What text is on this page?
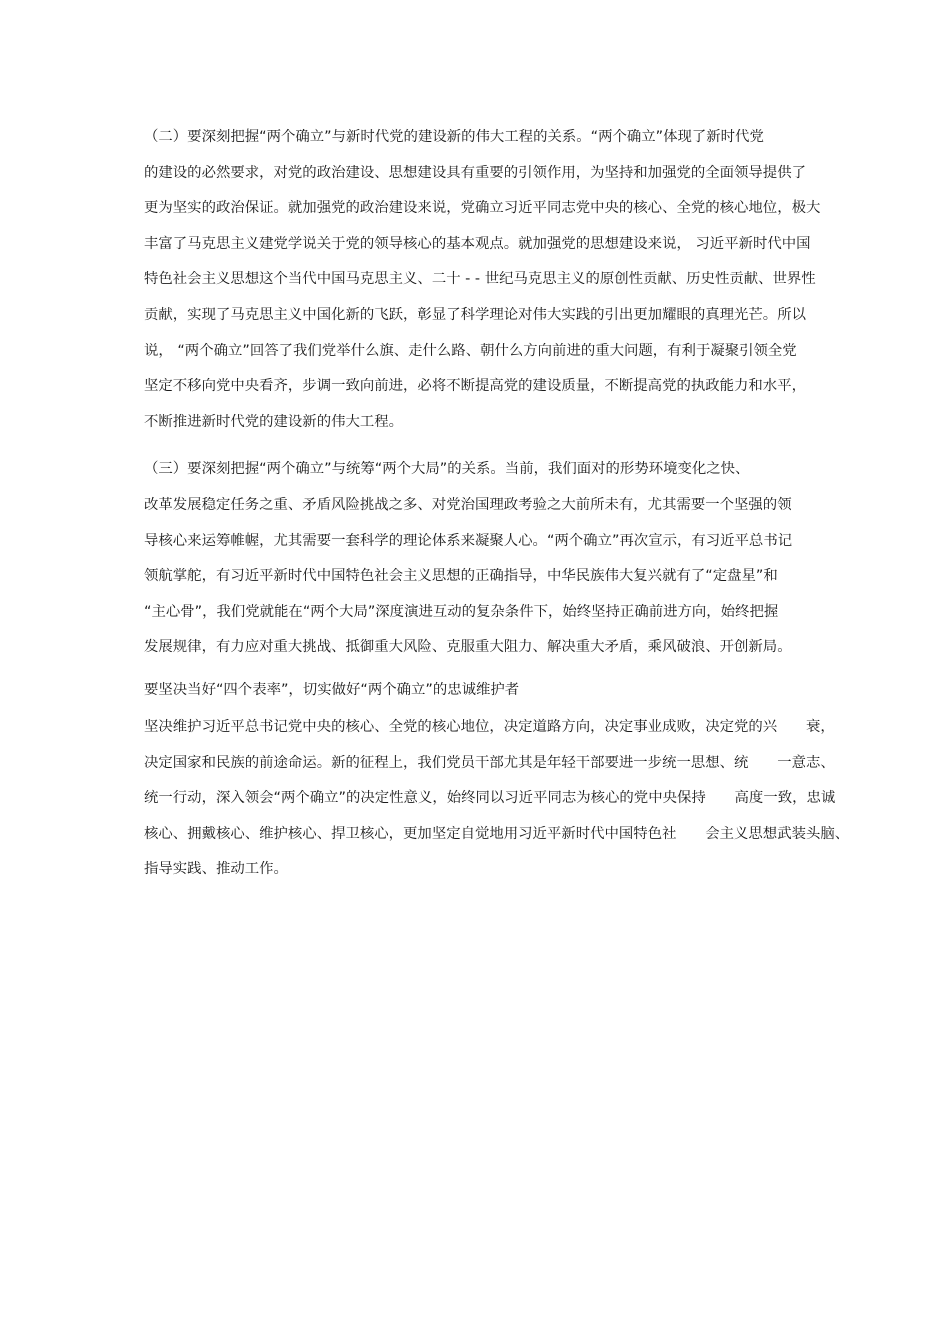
（二）要深刻把握“两个确立”与新时代党的建设新的伟大工程的关系。“两个确立”体现了新时代党
的建设的必然要求，对党的政治建设、思想建设具有重要的引领作用，为坚持和加强党的全面领导提供了
更为坚实的政治保证。就加强党的政治建设来说，党确立习近平同志党中央的核心、全党的核心地位，极大
丰富了马克思主义建党学说关于党的领导核心的基本观点。就加强党的思想建设来说， 习近平新时代中国
特色社会主义思想这个当代中国马克思主义、二十 - - 世纪马克思主义的原创性贡献、历史性贡献、世界性
贡献，实现了马克思主义中国化新的飞跃，彰显了科学理论对伟大实践的引出更加耀眼的真理光芒。所以
说， “两个确立”回答了我们党举什么旗、走什么路、朝什么方向前进的重大问题，有利于凝聚引领全党
坚定不移向党中央看齐，步调一致向前进，必将不断提高党的建设质量，不断提高党的执政能力和水平，
不断推进新时代党的建设新的伟大工程。
（三）要深刻把握“两个确立”与统筹“两个大局”的关系。当前，我们面对的形势环境变化之快、
改革发展稳定任务之重、矛盾风险挑战之多、对党治国理政考验之大前所未有，尤其需要一个坚强的领
导核心来运筹帷幄，尤其需要一套科学的理论体系来凝聚人心。“两个确立”再次宣示，有习近平总书记
领航掌舵，有习近平新时代中国特色社会主义思想的正确指导，中华民族伟大复兴就有了“定盘星”和
“主心骨”，我们党就能在“两个大局”深度演进互动的复杂条件下，始终坚持正确前进方向，始终把握
发展规律，有力应对重大挑战、抵御重大风险、克服重大阻力、解决重大矛盾，乘风破浪、开创新局。
要坚决当好“四个表率”，切实做好“两个确立”的忠诚维护者
坚决维护习近平总书记党中央的核心、全党的核心地位，决定道路方向，决定事业成败，决定党的兴　　衰，
决定国家和民族的前途命运。新的征程上，我们党员干部尤其是年轻干部要进一步统一思想、统　　一意志、
统一行动，深入领会“两个确立”的决定性意义，始终同以习近平同志为核心的党中央保持　　高度一致，忠诚
核心、拥戴核心、维护核心、捍卫核心，更加坚定自觉地用习近平新时代中国特色社　　会主义思想武装头脑、
指导实践、推动工作。
